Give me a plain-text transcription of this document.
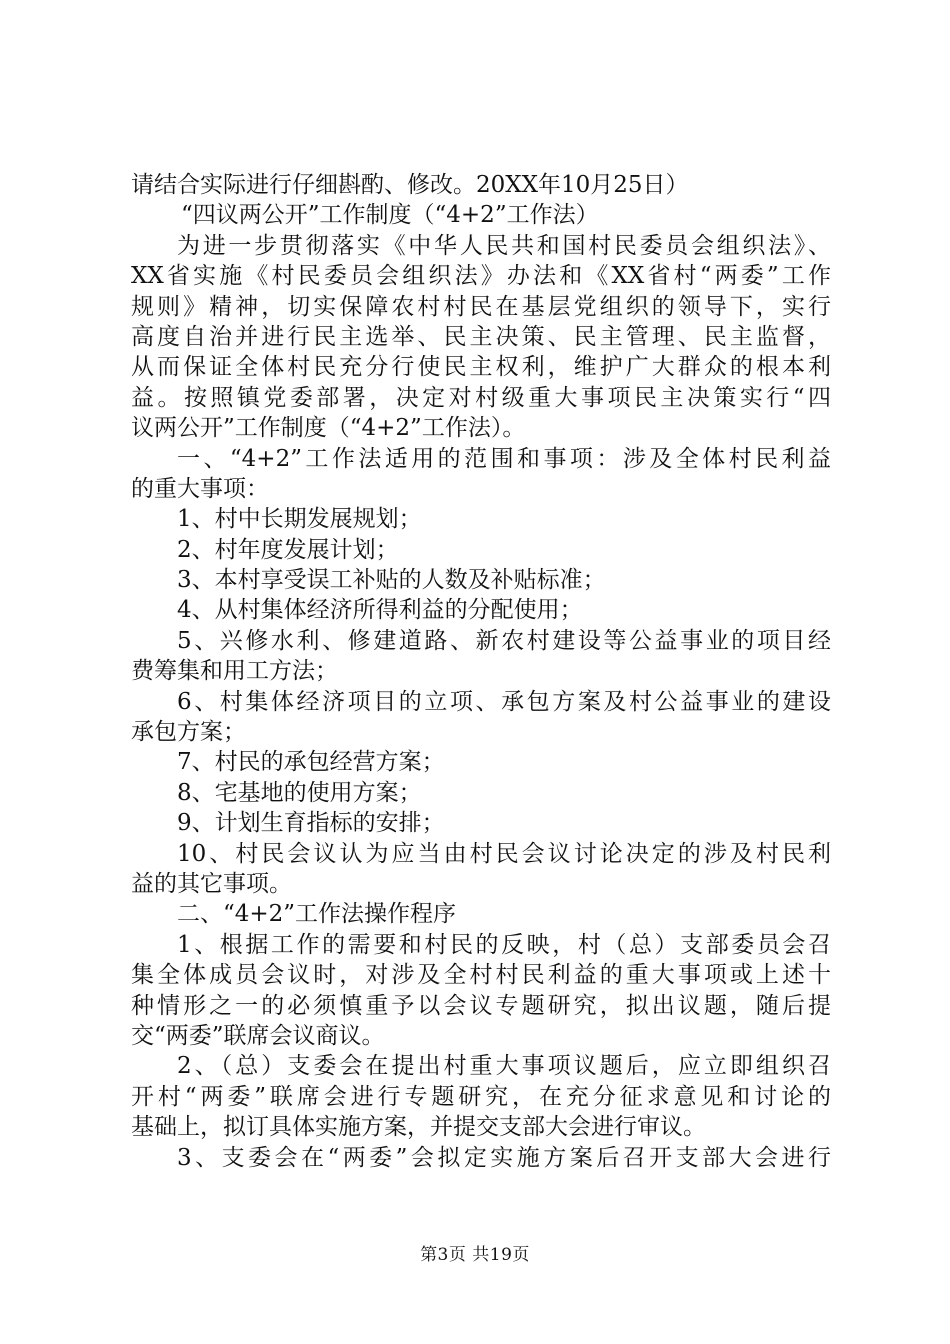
请结合实际进行仔细斟酌、修改。20XX年10月25日）
“四议两公开”工作制度（“4+2”工作法）
为进一步贯彻落实《中华人民共和国村民委员会组织法》、
XX省实施《村民委员会组织法》办法和《XX省村“两委”工作
规则》精神，切实保障农村村民在基层党组织的领导下，实行
高度自治并进行民主选举、民主决策、民主管理、民主监督，
从而保证全体村民充分行使民主权利，维护广大群众的根本利
益。按照镇党委部署，决定对村级重大事项民主决策实行“四
议两公开”工作制度（“4+2”工作法）。
一、“4+2”工作法适用的范围和事项：涉及全体村民利益
的重大事项：
1、村中长期发展规划；
2、村年度发展计划；
3、本村享受误工补贴的人数及补贴标准；
4、从村集体经济所得利益的分配使用；
5、兴修水利、修建道路、新农村建设等公益事业的项目经
费筹集和用工方法；
6、村集体经济项目的立项、承包方案及村公益事业的建设
承包方案；
7、村民的承包经营方案；
8、宅基地的使用方案；
9、计划生育指标的安排；
10、村民会议认为应当由村民会议讨论决定的涉及村民利
益的其它事项。
二、“4+2”工作法操作程序
1、根据工作的需要和村民的反映，村（总）支部委员会召
集全体成员会议时，对涉及全村村民利益的重大事项或上述十
种情形之一的必须慎重予以会议专题研究，拟出议题，随后提
交“两委”联席会议商议。
2、（总）支委会在提出村重大事项议题后，应立即组织召
开村“两委”联席会进行专题研究，在充分征求意见和讨论的
基础上，拟订具体实施方案，并提交支部大会进行审议。
3、支委会在“两委”会拟定实施方案后召开支部大会进行
第3页 共19页
